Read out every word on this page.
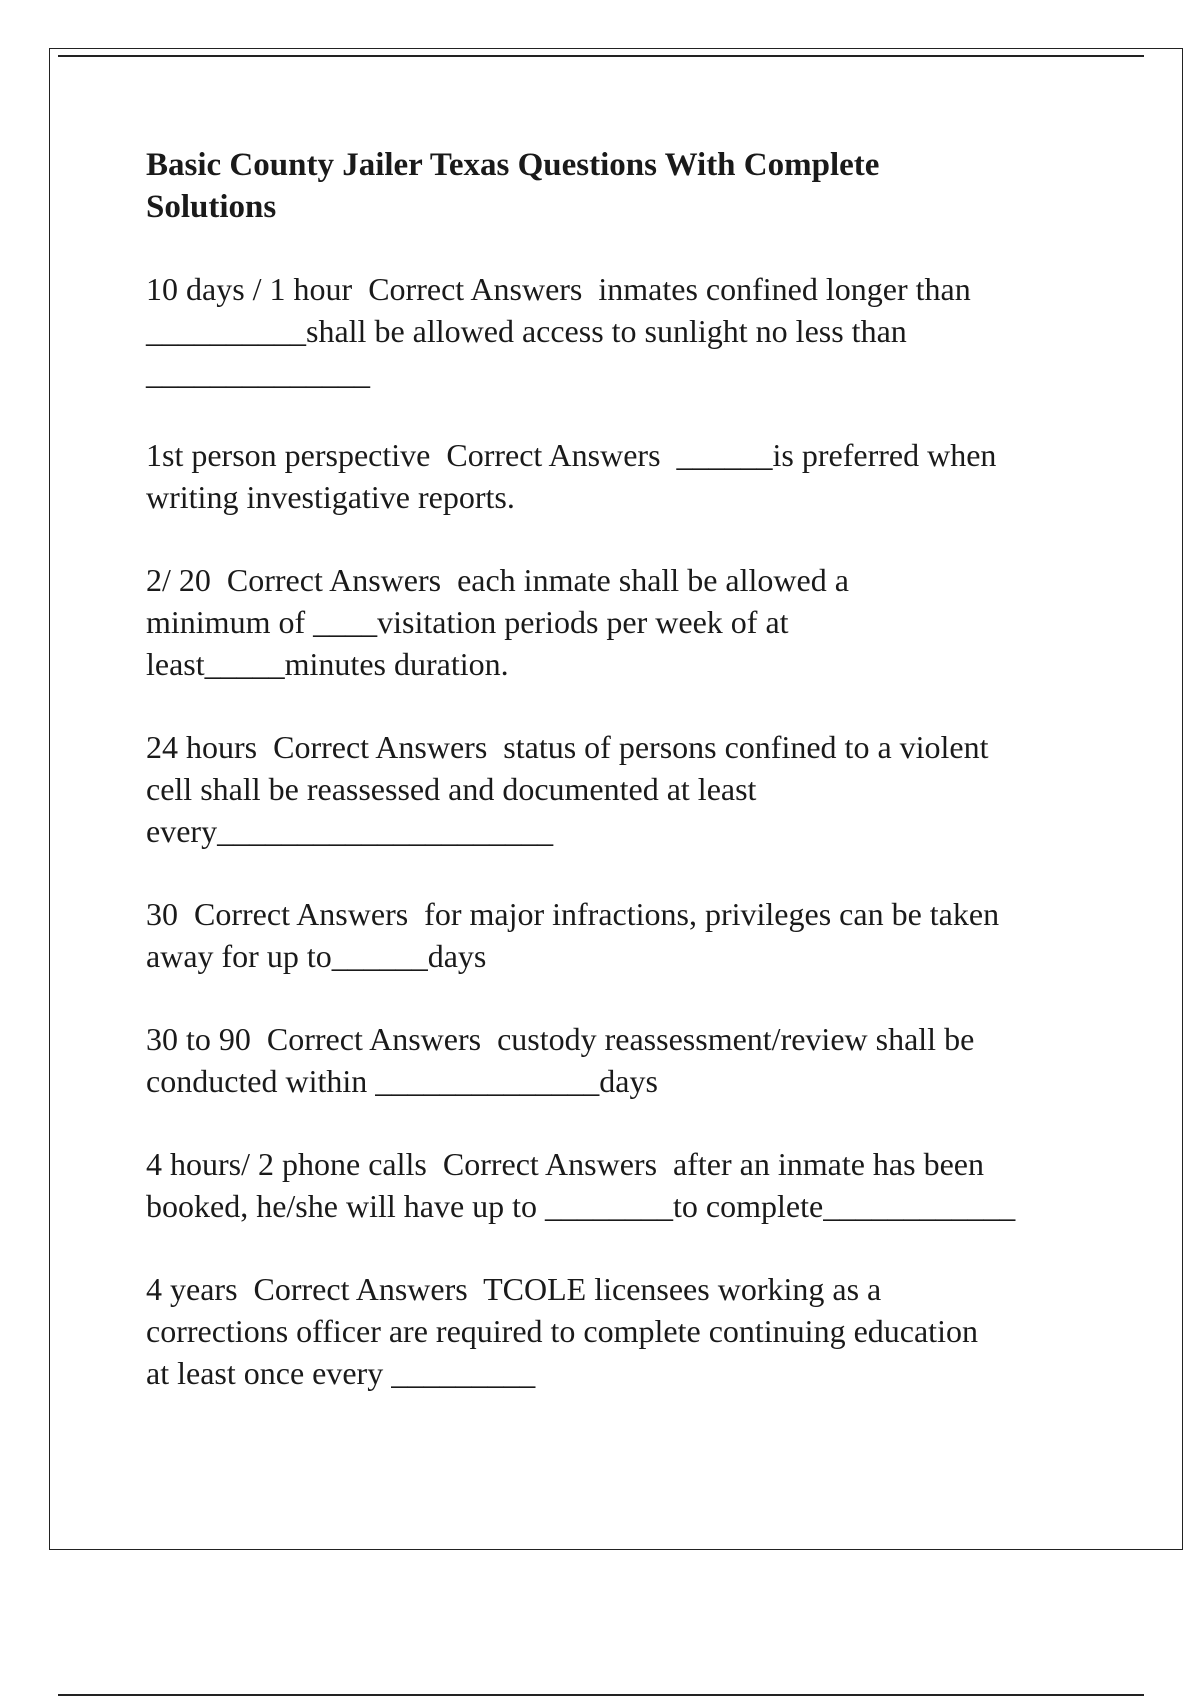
Basic County Jailer Texas Questions With Complete Solutions
10 days / 1 hour Correct Answers inmates confined longer than __________shall be allowed access to sunlight no less than ______________
1st person perspective Correct Answers ______is preferred when writing investigative reports.
2/ 20 Correct Answers each inmate shall be allowed a minimum of ____visitation periods per week of at least_____minutes duration.
24 hours Correct Answers status of persons confined to a violent cell shall be reassessed and documented at least every_____________________
30 Correct Answers for major infractions, privileges can be taken away for up to______days
30 to 90 Correct Answers custody reassessment/review shall be conducted within ______________days
4 hours/ 2 phone calls Correct Answers after an inmate has been booked, he/she will have up to ________to complete____________
4 years Correct Answers TCOLE licensees working as a corrections officer are required to complete continuing education at least once every _________
